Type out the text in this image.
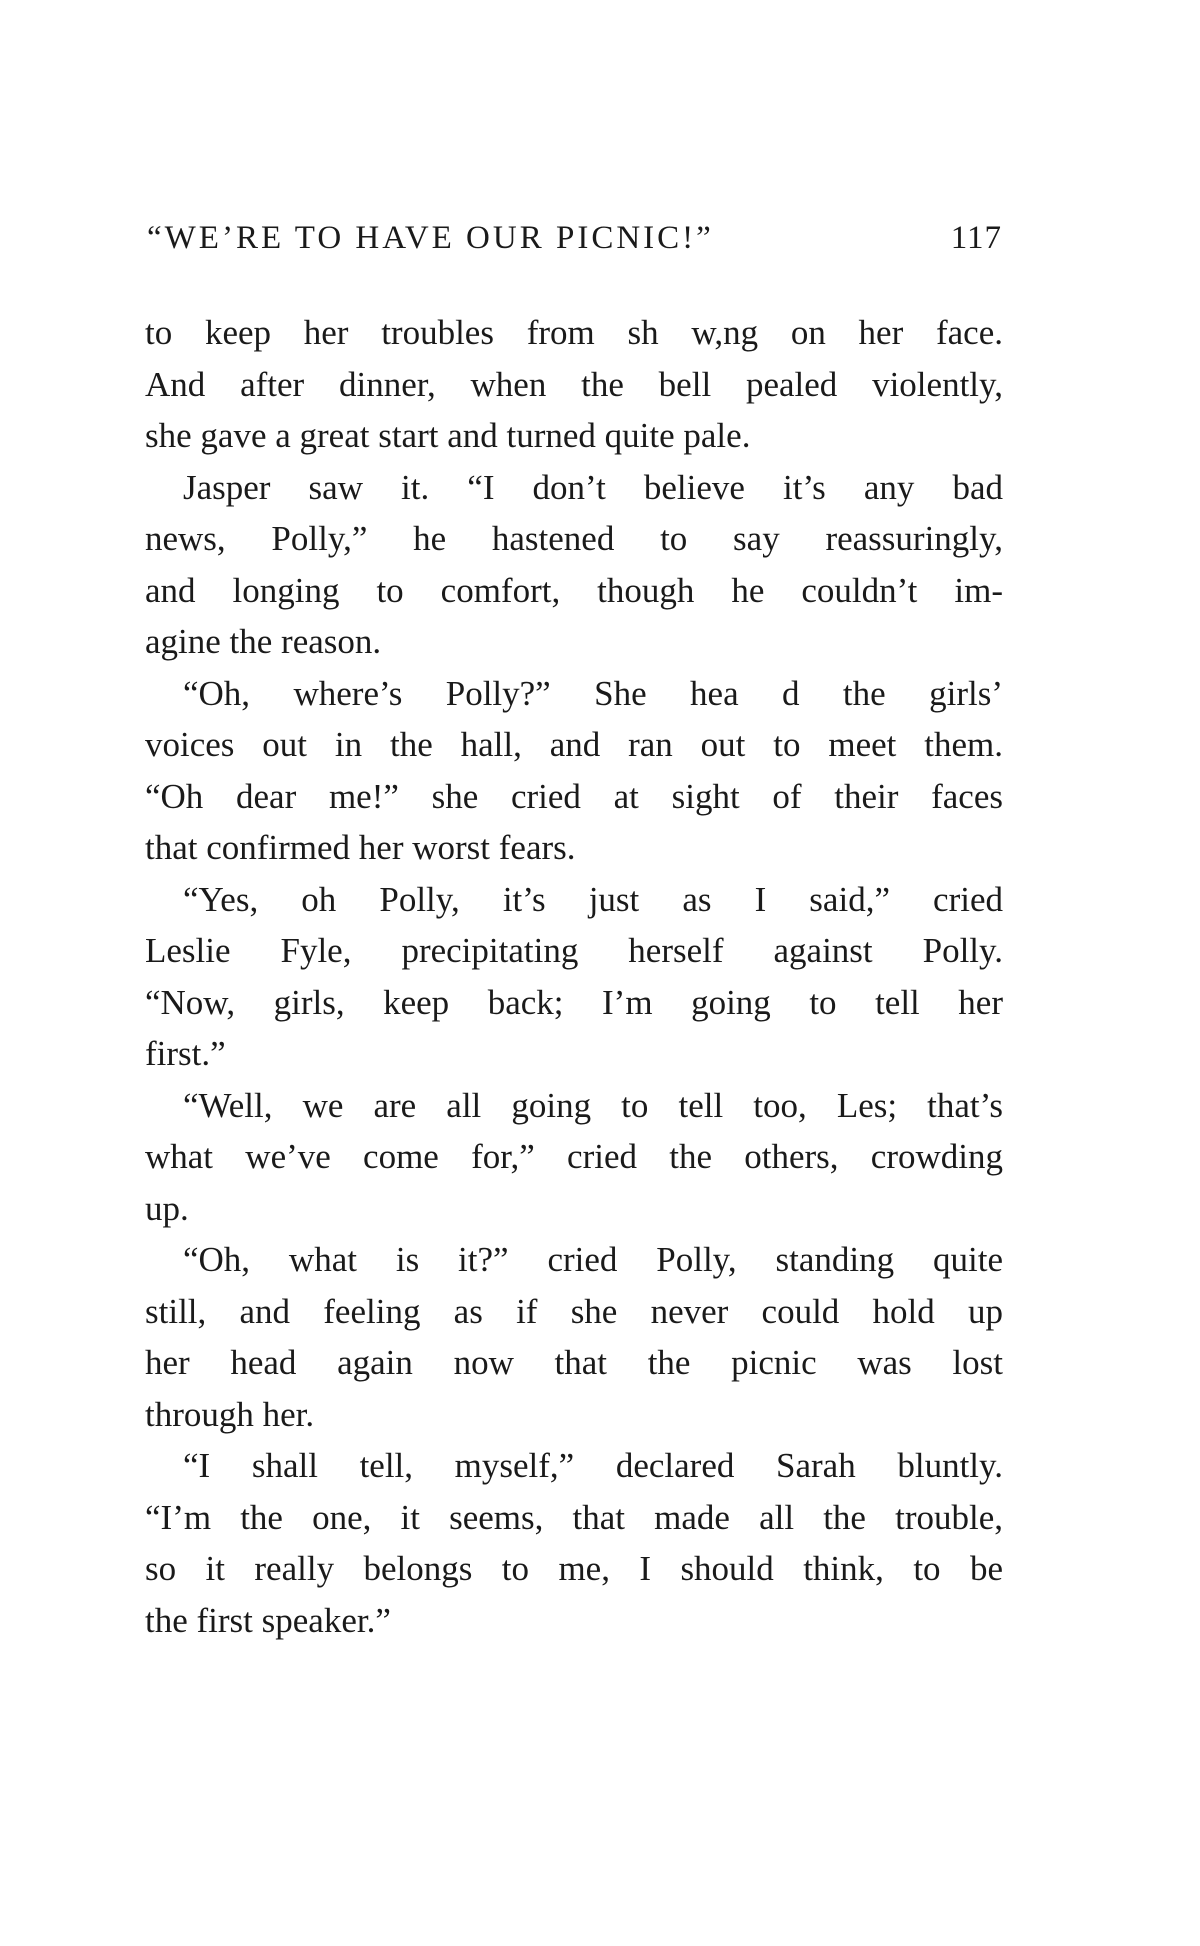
“WE’RE TO HAVE OUR PICNIC!”	117
to keep her troubles from sh w,ng on her face.
And after dinner, when the bell pealed violently,
she gave a great start and turned quite pale.
Jasper saw it. “I don’t believe it’s any bad
news, Polly,” he hastened to say reassuringly,
and longing to comfort, though he couldn’t im-
agine the reason.
“Oh, where’s Polly?” She hea d the girls’
voices out in the hall, and ran out to meet them.
“Oh dear me!” she cried at sight of their faces
that confirmed her worst fears.
“Yes, oh Polly, it’s just as I said,” cried
Leslie Fyle, precipitating herself against Polly.
“Now, girls, keep back; I’m going to tell her
first.”
“Well, we are all going to tell too, Les; that’s
what we’ve come for,” cried the others, crowding
up.
“Oh, what is it?” cried Polly, standing quite
still, and feeling as if she never could hold up
her head again now that the picnic was lost
through her.
“I shall tell, myself,” declared Sarah bluntly.
“I’m the one, it seems, that made all the trouble,
so it really belongs to me, I should think, to be
the first speaker.”
